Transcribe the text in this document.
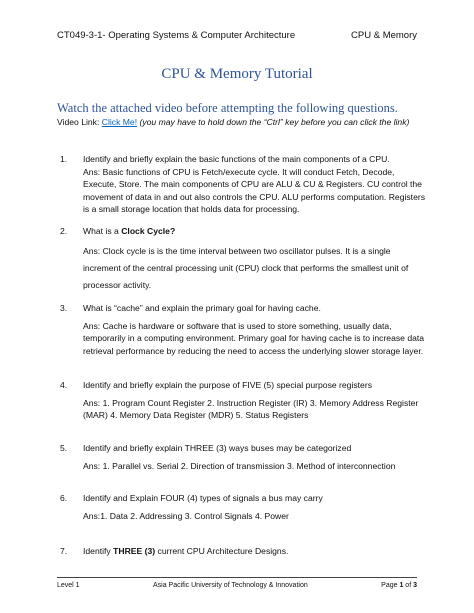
CT049-3-1- Operating Systems & Computer Architecture	CPU & Memory
CPU & Memory Tutorial
Watch the attached video before attempting the following questions.
Video Link: Click Me! (you may have to hold down the “Ctrl” key before you can click the link)
1. Identify and briefly explain the basic functions of the main components of a CPU.
Ans: Basic functions of CPU is Fetch/execute cycle. It will conduct Fetch, Decode, Execute, Store. The main components of CPU are ALU & CU & Registers. CU control the movement of data in and out also controls the CPU. ALU performs computation. Registers is a small storage location that holds data for processing.
2. What is a Clock Cycle?
Ans: Clock cycle is is the time interval between two oscillator pulses. It is a single increment of the central processing unit (CPU) clock that performs the smallest unit of processor activity.
3. What is “cache” and explain the primary goal for having cache.
Ans: Cache is hardware or software that is used to store something, usually data, temporarily in a computing environment. Primary goal for having cache is to increase data retrieval performance by reducing the need to access the underlying slower storage layer.
4. Identify and briefly explain the purpose of FIVE (5) special purpose registers
Ans: 1. Program Count Register 2. Instruction Register (IR) 3. Memory Address Register (MAR) 4. Memory Data Register (MDR) 5. Status Registers
5. Identify and briefly explain THREE (3) ways buses may be categorized
Ans: 1. Parallel vs. Serial 2. Direction of transmission 3. Method of interconnection
6. Identify and Explain FOUR (4) types of signals a bus may carry
Ans:1. Data 2. Addressing 3. Control Signals 4. Power
7. Identify THREE (3) current CPU Architecture Designs.
Level 1	Asia Pacific University of Technology & Innovation	Page 1 of 3
